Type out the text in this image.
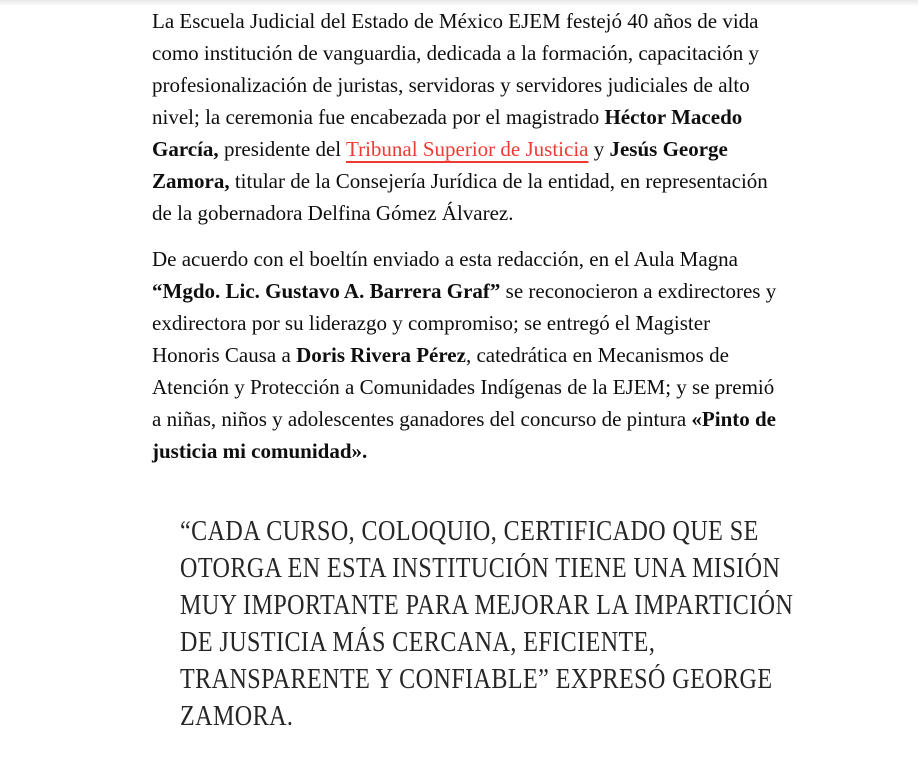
La Escuela Judicial del Estado de México EJEM festejó 40 años de vida
como institución de vanguardia, dedicada a la formación, capacitación y
profesionalización de juristas, servidoras y servidores judiciales de alto
nivel; la ceremonia fue encabezada por el magistrado Héctor Macedo
García, presidente del Tribunal Superior de Justicia y Jesús George
Zamora, titular de la Consejería Jurídica de la entidad, en representación
de la gobernadora Delfina Gómez Álvarez.
De acuerdo con el boeltín enviado a esta redacción, en el Aula Magna
“Mgdo. Lic. Gustavo A. Barrera Graf” se reconocieron a exdirectores y
exdirectora por su liderazgo y compromiso; se entregó el Magister
Honoris Causa a Doris Rivera Pérez, catedrática en Mecanismos de
Atención y Protección a Comunidades Indígenas de la EJEM; y se premió
a niñas, niños y adolescentes ganadores del concurso de pintura «Pinto de
justicia mi comunidad».
“CADA CURSO, COLOQUIO, CERTIFICADO QUE SE
OTORGA EN ESTA INSTITUCIÓN TIENE UNA MISIÓN
MUY IMPORTANTE PARA MEJORAR LA IMPARTICIÓN
DE JUSTICIA MÁS CERCANA, EFICIENTE,
TRANSPARENTE Y CONFIABLE” EXPRESÓ GEORGE
ZAMORA.
